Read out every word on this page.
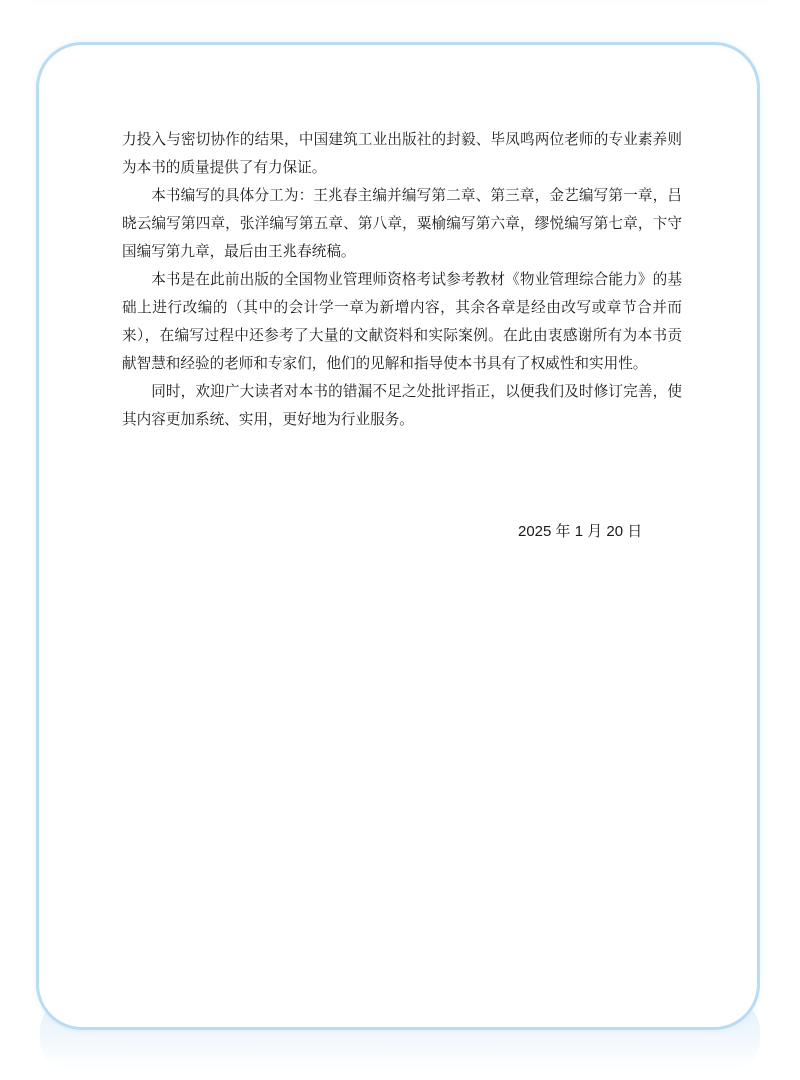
力投入与密切协作的结果，中国建筑工业出版社的封毅、毕凤鸣两位老师的专业素养则为本书的质量提供了有力保证。

本书编写的具体分工为：王兆春主编并编写第二章、第三章，金艺编写第一章，吕晓云编写第四章，张洋编写第五章、第八章，粟榆编写第六章，缪悦编写第七章，卞守国编写第九章，最后由王兆春统稿。

本书是在此前出版的全国物业管理师资格考试参考教材《物业管理综合能力》的基础上进行改编的（其中的会计学一章为新增内容，其余各章是经由改写或章节合并而来），在编写过程中还参考了大量的文献资料和实际案例。在此由衷感谢所有为本书贡献智慧和经验的老师和专家们，他们的见解和指导使本书具有了权威性和实用性。

同时，欢迎广大读者对本书的错漏不足之处批评指正，以便我们及时修订完善，使其内容更加系统、实用，更好地为行业服务。

2025 年 1 月 20 日
